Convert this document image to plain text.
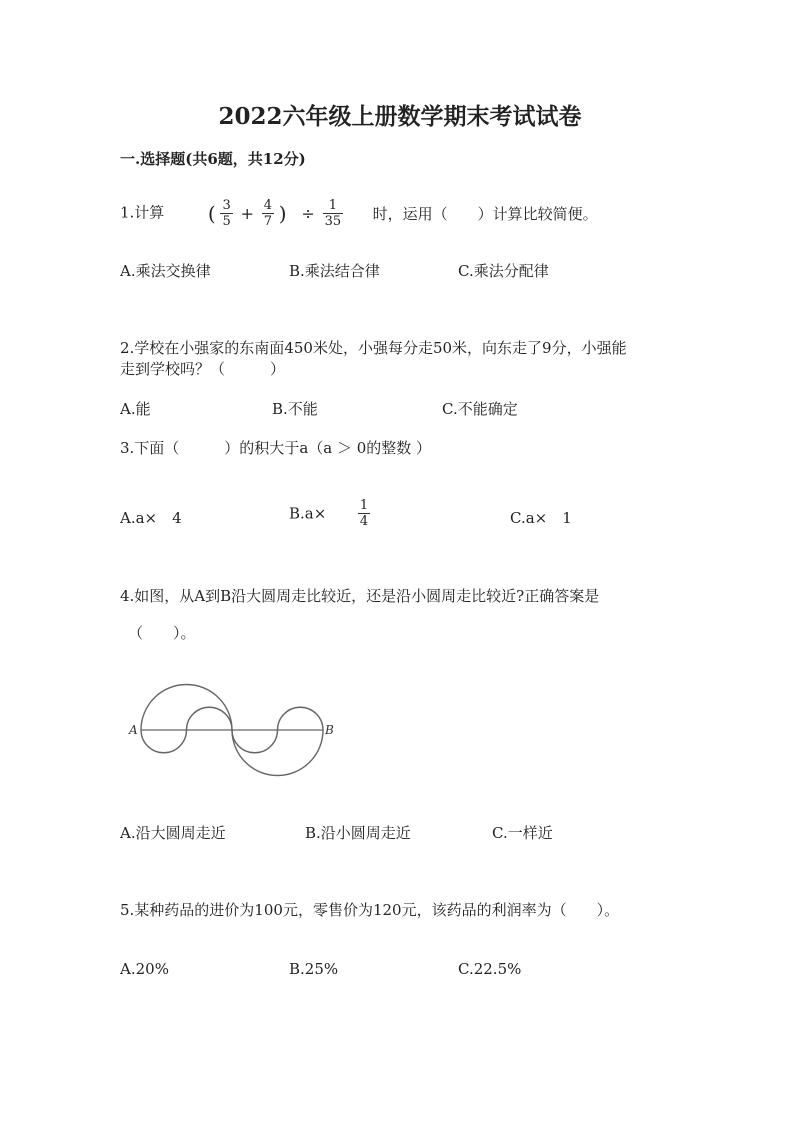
2022六年级上册数学期末考试试卷
一.选择题(共6题，共12分)
1.计算 ( $\frac{3}{5} + \frac{4}{7}$ ) ÷ $\frac{1}{35}$ 时，运用（　　）计算比较简便。
A.乘法交换律	B.乘法结合律	C.乘法分配律
2.学校在小强家的东南面450米处，小强每分走50米，向东走了9分，小强能
走到学校吗？（　　　）
A.能	B.不能	C.不能确定
3.下面（　　　）的积大于a（a ＞ 0的整数 ）
A.a×　4	$B.a\times \frac{1}{4}$	C.a×　1
4.如图，从A到B沿大圆周走比较近，还是沿小圆周走比较近?正确答案是
（　　）。
A	B
A.沿大圆周走近	B.沿小圆周走近	C.一样近
5.某种药品的进价为100元，零售价为120元，该药品的利润率为（　　）。
A.20%	B.25%	C.22.5%
